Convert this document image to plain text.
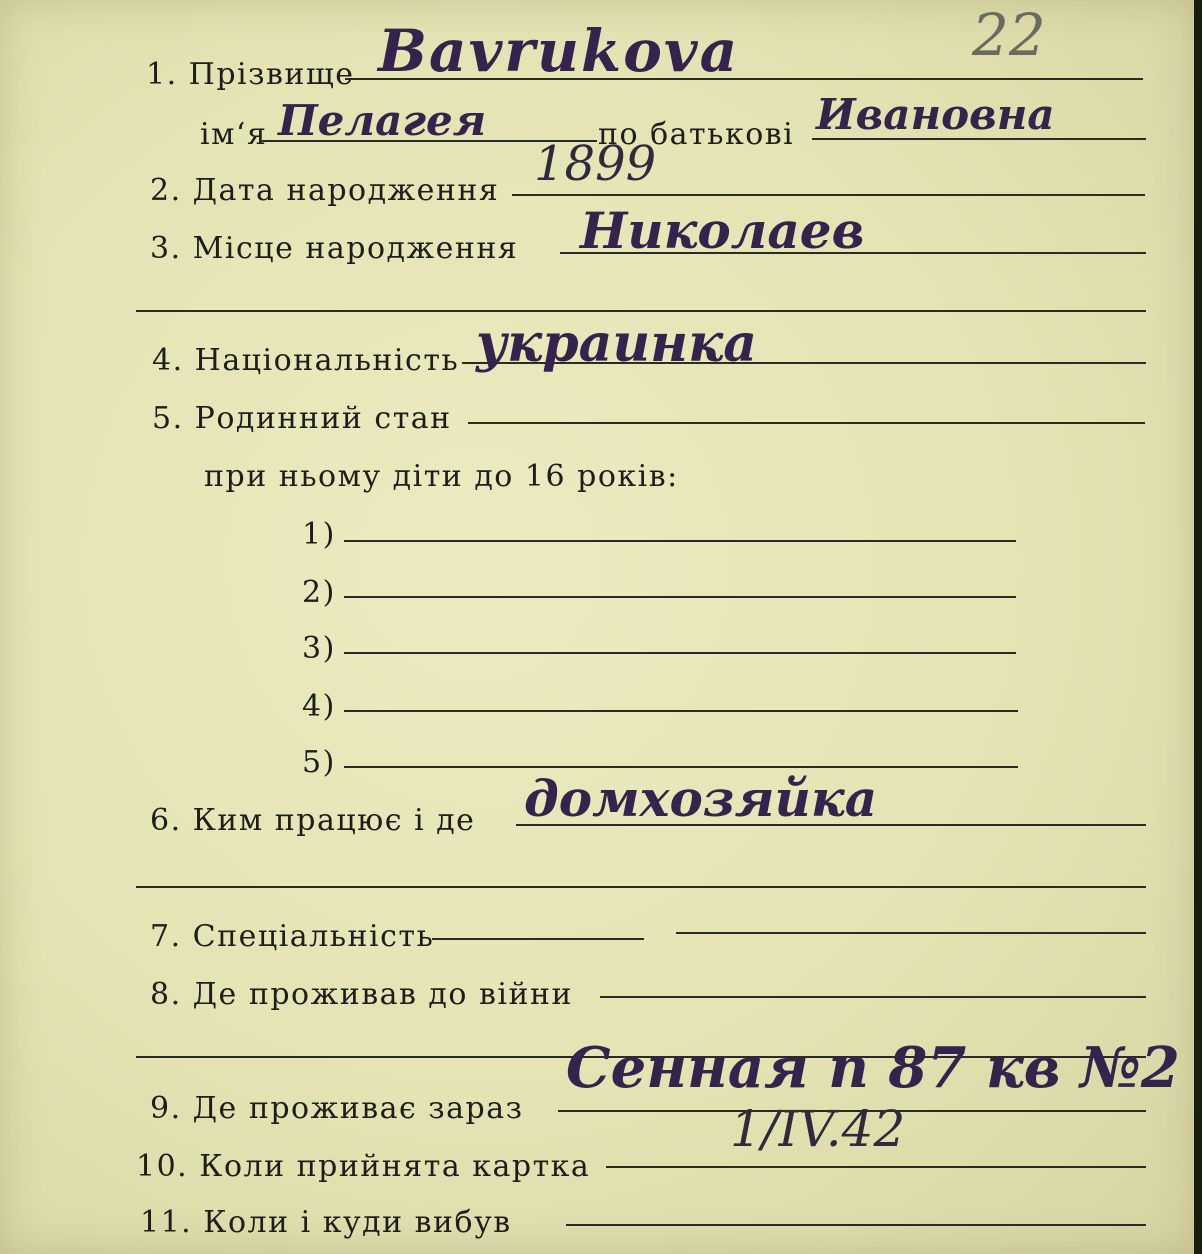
22
1. Прізвище Bavrukova
ім‘я Пелагея	по батькові Ивановна
2. Дата народження 1899
3. Місце народження Николаев
4. Національність украинка
5. Родинний стан
при ньому діти до 16 років:
1)
2)
3)
4)
5)
6. Ким працює і де домхозяйка
7. Спеціальність
8. Де проживав до війни
9. Де проживає зараз
Сенная п 87 кв №2
10. Коли прийнята картка
1/IV.42
11. Коли і куди вибув
